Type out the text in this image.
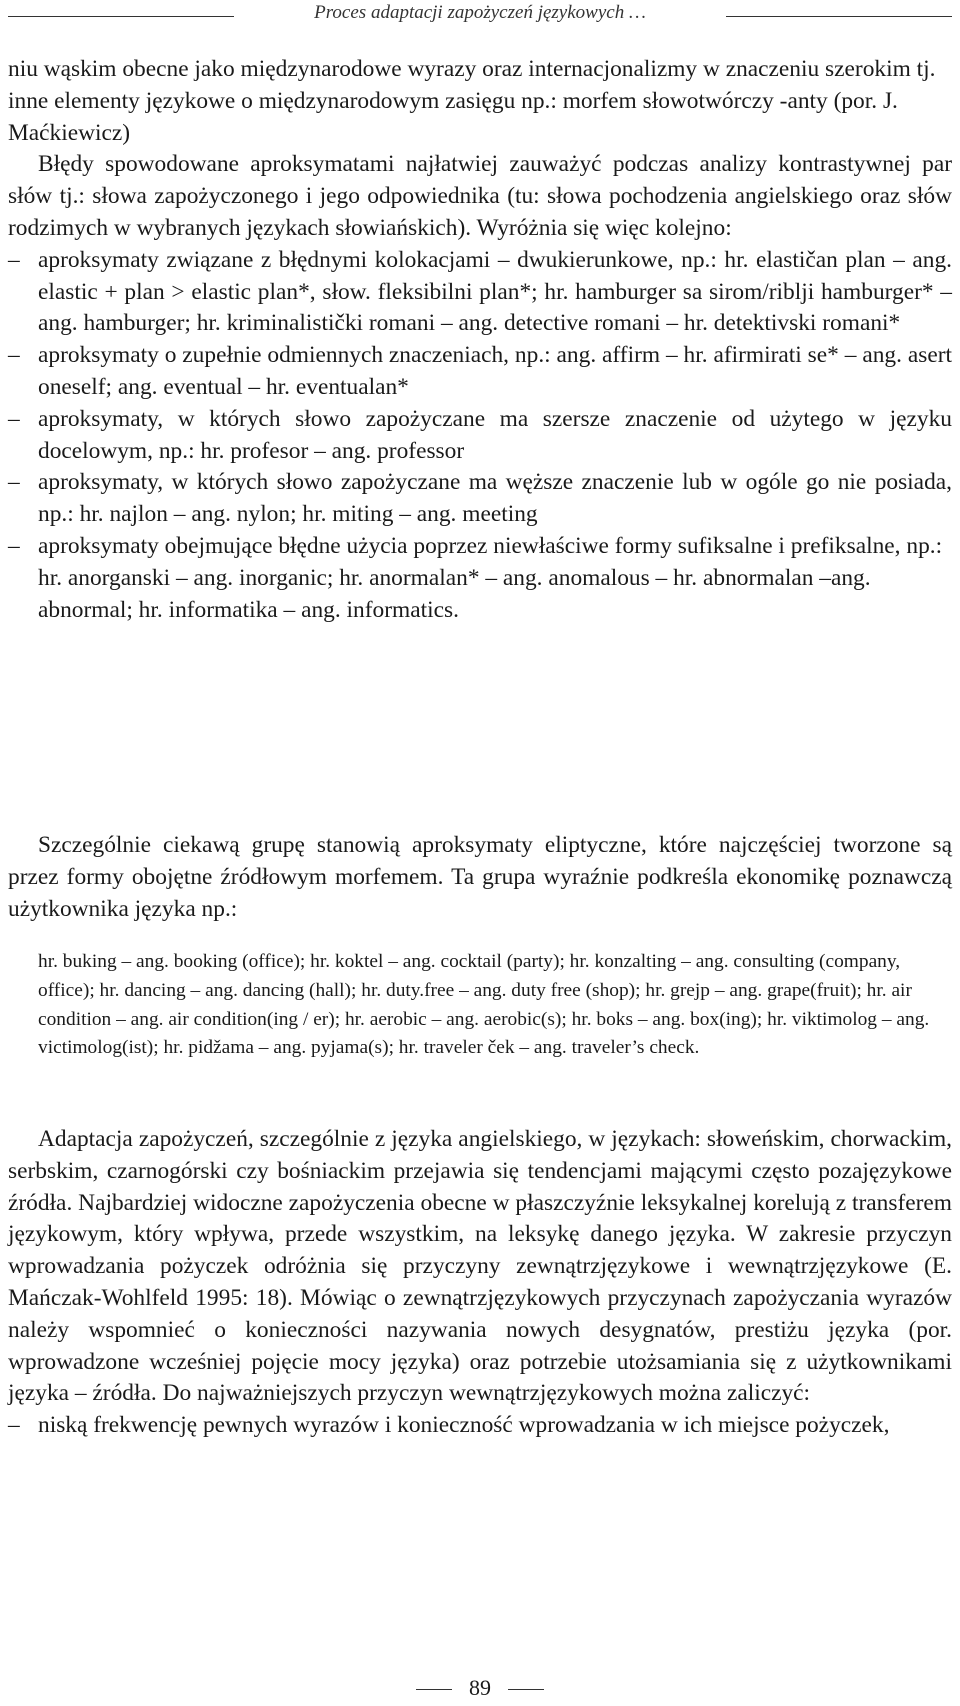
Proces adaptacji zapożyczeń językowych …

niu wąskim obecne jako międzynarodowe wyrazy oraz internacjonalizmy w znaczeniu szerokim tj. inne elementy językowe o międzynarodowym zasięgu np.: morfem słowotwórczy -anty (por. J. Maćkiewicz)

Błędy spowodowane aproksymatami najłatwiej zauważyć podczas analizy kontrastywnej par słów tj.: słowa zapożyczonego i jego odpowiednika (tu: słowa pochodzenia angielskiego oraz słów rodzimych w wybranych językach słowiańskich). Wyróżnia się więc kolejno:

– aproksymaty związane z błędnymi kolokacjami – dwukierunkowe, np.: hr. elastičan plan – ang. elastic + plan > elastic plan*, słow. fleksibilni plan*; hr. hamburger sa sirom/riblji hamburger* – ang. hamburger; hr. kriminalistički romani – ang. detective romani – hr. detektivski romani*

– aproksymaty o zupełnie odmiennych znaczeniach, np.: ang. affirm – hr. afirmirati se* – ang. asert oneself; ang. eventual – hr. eventualan*

– aproksymaty, w których słowo zapożyczane ma szersze znaczenie od użytego w języku docelowym, np.: hr. profesor – ang. professor

– aproksymaty, w których słowo zapożyczane ma węższe znaczenie lub w ogóle go nie posiada, np.: hr. najlon – ang. nylon; hr. miting – ang. meeting

– aproksymaty obejmujące błędne użycia poprzez niewłaściwe formy sufiksalne i prefiksalne, np.: hr. anorganski – ang. inorganic; hr. anormalan* – ang. anomalous – hr. abnormalan –ang. abnormal; hr. informatika – ang. informatics.

Szczególnie ciekawą grupę stanowią aproksymaty eliptyczne, które najczęściej tworzone są przez formy obojętne źródłowym morfemem. Ta grupa wyraźnie podkreśla ekonomikę poznawczą użytkownika języka np.:

hr. buking – ang. booking (office); hr. koktel – ang. cocktail (party); hr. konzalting – ang. consulting (company, office); hr. dancing – ang. dancing (hall); hr. duty.free – ang. duty free (shop); hr. grejp – ang. grape(fruit); hr. air condition – ang. air condition(ing / er); hr. aerobic – ang. aerobic(s); hr. boks – ang. box(ing); hr. viktimolog – ang. victimolog(ist); hr. pidžama – ang. pyjama(s); hr. traveler ček – ang. traveler’s check.

Adaptacja zapożyczeń, szczególnie z języka angielskiego, w językach: słoweńskim, chorwackim, serbskim, czarnogórski czy bośniackim przejawia się tendencjami mającymi często pozajęzykowe źródła. Najbardziej widoczne zapożyczenia obecne w płaszczyźnie leksykalnej korelują z transferem językowym, który wpływa, przede wszystkim, na leksykę danego języka. W zakresie przyczyn wprowadzania pożyczek odróżnia się przyczyny zewnątrzjęzykowe i wewnątrzjęzykowe (E. Mańczak-Wohlfeld 1995: 18). Mówiąc o zewnątrzjęzykowych przyczynach zapożyczania wyrazów należy wspomnieć o konieczności nazywania nowych desygnatów, prestiżu języka (por. wprowadzone wcześniej pojęcie mocy języka) oraz potrzebie utożsamiania się z użytkownikami języka – źródła. Do najważniejszych przyczyn wewnątrzjęzykowych można zaliczyć:

– niską frekwencję pewnych wyrazów i konieczność wprowadzania w ich miejsce pożyczek,

89
